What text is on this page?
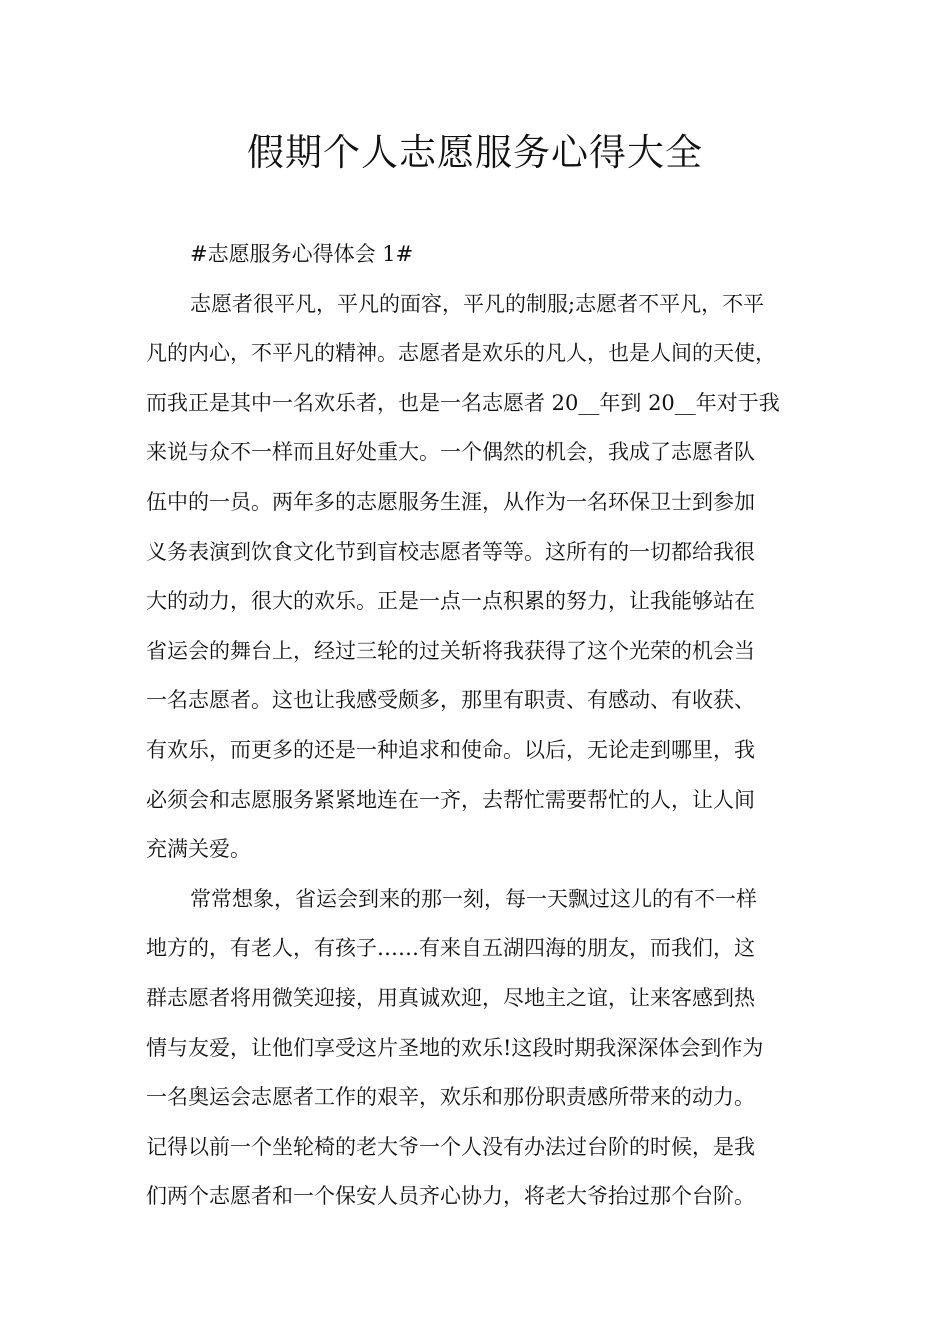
假期个人志愿服务心得大全
#志愿服务心得体会 1#
志愿者很平凡，平凡的面容，平凡的制服;志愿者不平凡，不平
凡的内心，不平凡的精神。志愿者是欢乐的凡人，也是人间的天使，
而我正是其中一名欢乐者，也是一名志愿者 20__年到 20__年对于我
来说与众不一样而且好处重大。一个偶然的机会，我成了志愿者队
伍中的一员。两年多的志愿服务生涯，从作为一名环保卫士到参加
义务表演到饮食文化节到盲校志愿者等等。这所有的一切都给我很
大的动力，很大的欢乐。正是一点一点积累的努力，让我能够站在
省运会的舞台上，经过三轮的过关斩将我获得了这个光荣的机会当
一名志愿者。这也让我感受颇多，那里有职责、有感动、有收获、
有欢乐，而更多的还是一种追求和使命。以后，无论走到哪里，我
必须会和志愿服务紧紧地连在一齐，去帮忙需要帮忙的人，让人间
充满关爱。
常常想象，省运会到来的那一刻，每一天飘过这儿的有不一样
地方的，有老人，有孩子……有来自五湖四海的朋友，而我们，这
群志愿者将用微笑迎接，用真诚欢迎，尽地主之谊，让来客感到热
情与友爱，让他们享受这片圣地的欢乐!这段时期我深深体会到作为
一名奥运会志愿者工作的艰辛，欢乐和那份职责感所带来的动力。
记得以前一个坐轮椅的老大爷一个人没有办法过台阶的时候，是我
们两个志愿者和一个保安人员齐心协力，将老大爷抬过那个台阶。
